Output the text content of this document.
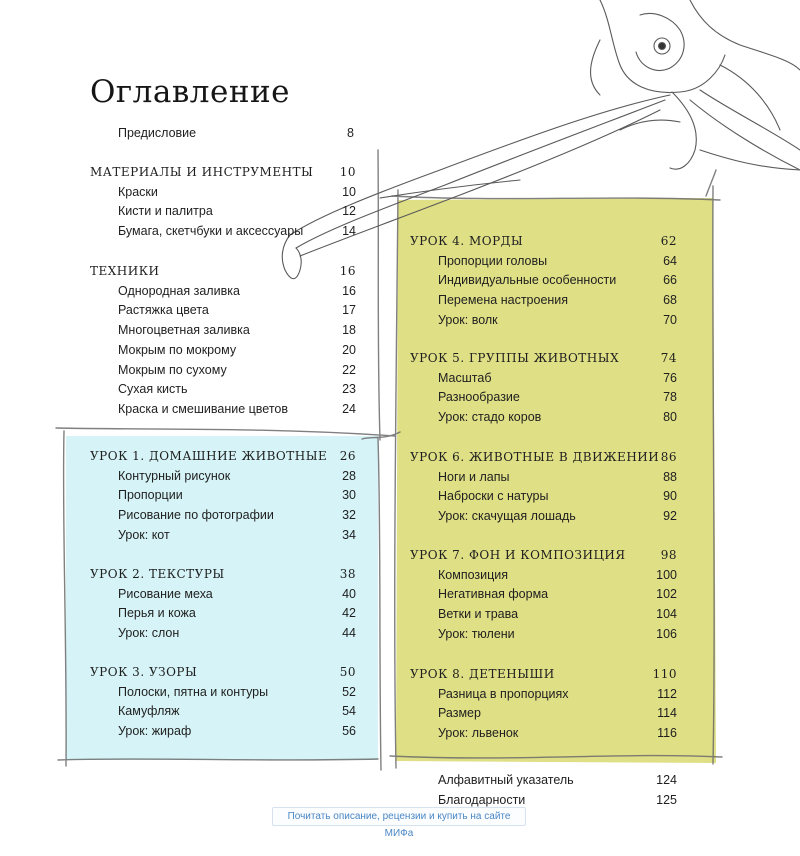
Оглавление
Предисловие	8
МАТЕРИАЛЫ И ИНСТРУМЕНТЫ 10
Краски	10
Кисти и палитра	12
Бумага, скетчбуки и аксессуары	14
ТЕХНИКИ	16
Однородная заливка	16
Растяжка цвета	17
Многоцветная заливка	18
Мокрым по мокрому	20
Мокрым по сухому	22
Сухая кисть	23
Краска и смешивание цветов	24
УРОК 1. ДОМАШНИЕ ЖИВОТНЫЕ 26
Контурный рисунок	28
Пропорции	30
Рисование по фотографии	32
Урок: кот	34
УРОК 2. ТЕКСТУРЫ	38
Рисование меха	40
Перья и кожа	42
Урок: слон	44
УРОК 3. УЗОРЫ	50
Полоски, пятна и контуры	52
Камуфляж	54
Урок: жираф	56
УРОК 4. МОРДЫ	62
Пропорции головы	64
Индивидуальные особенности	66
Перемена настроения	68
Урок: волк	70
УРОК 5. ГРУППЫ ЖИВОТНЫХ	74
Масштаб	76
Разнообразие	78
Урок: стадо коров	80
УРОК 6. ЖИВОТНЫЕ В ДВИЖЕНИИ 86
Ноги и лапы	88
Наброски с натуры	90
Урок: скачущая лошадь	92
УРОК 7. ФОН И КОМПОЗИЦИЯ	98
Композиция	100
Негативная форма	102
Ветки и трава	104
Урок: тюлени	106
УРОК 8. ДЕТЕНЫШИ	110
Разница в пропорциях	112
Размер	114
Урок: львенок	116
Алфавитный указатель	124
Благодарности	125
Почитать описание, рецензии и купить на сайте МИФа
